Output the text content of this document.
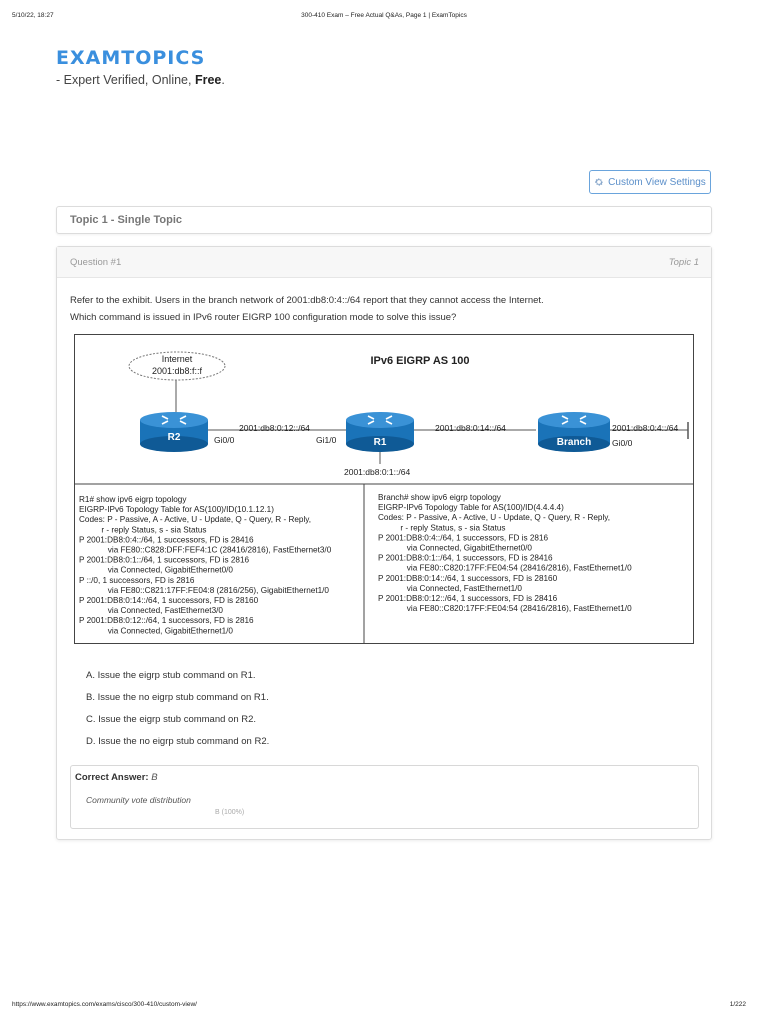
5/10/22, 18:27	300-410 Exam – Free Actual Q&As, Page 1 | ExamTopics
EXAMTOPICS
- Expert Verified, Online, Free.
Custom View Settings
Topic 1 - Single Topic
Question #1	Topic 1
Refer to the exhibit. Users in the branch network of 2001:db8:0:4::/64 report that they cannot access the Internet.
Which command is issued in IPv6 router EIGRP 100 configuration mode to solve this issue?
Internet
2001:db8:f::f
IPv6 EIGRP AS 100
R2	R1	Branch
2001:db8:0:12::/64	2001:db8:0:14::/64	2001:db8:0:4::/64
Gi0/0	Gi1/0	Gi0/0
2001:db8:0:1::/64
R1# show ipv6 eigrp topology
EIGRP-IPv6 Topology Table for AS(100)/ID(10.1.12.1)
Codes: P - Passive, A - Active, U - Update, Q - Query, R - Reply,
r - reply Status, s - sia Status
P 2001:DB8:0:4::/64, 1 successors, FD is 28416
via FE80::C828:DFF:FEF4:1C (28416/2816), FastEthernet3/0
P 2001:DB8:0:1::/64, 1 successors, FD is 2816
via Connected, GigabitEthernet0/0
P ::/0, 1 successors, FD is 2816
via FE80::C821:17FF:FE04:8 (2816/256), GigabitEthernet1/0
P 2001:DB8:0:14::/64, 1 successors, FD is 28160
via Connected, FastEthernet3/0
P 2001:DB8:0:12::/64, 1 successors, FD is 2816
via Connected, GigabitEthernet1/0
Branch# show ipv6 eigrp topology
EIGRP-IPv6 Topology Table for AS(100)/ID(4.4.4.4)
Codes: P - Passive, A - Active, U - Update, Q - Query, R - Reply,
r - reply Status, s - sia Status
P 2001:DB8:0:4::/64, 1 successors, FD is 2816
via Connected, GigabitEthernet0/0
P 2001:DB8:0:1::/64, 1 successors, FD is 28416
via FE80::C820:17FF:FE04:54 (28416/2816), FastEthernet1/0
P 2001:DB8:0:14::/64, 1 successors, FD is 28160
via Connected, FastEthernet1/0
P 2001:DB8:0:12::/64, 1 successors, FD is 28416
via FE80::C820:17FF:FE04:54 (28416/2816), FastEthernet1/0
A. Issue the eigrp stub command on R1.
B. Issue the no eigrp stub command on R1.
C. Issue the eigrp stub command on R2.
D. Issue the no eigrp stub command on R2.
Correct Answer: B
Community vote distribution
B (100%)
https://www.examtopics.com/exams/cisco/300-410/custom-view/	1/222
